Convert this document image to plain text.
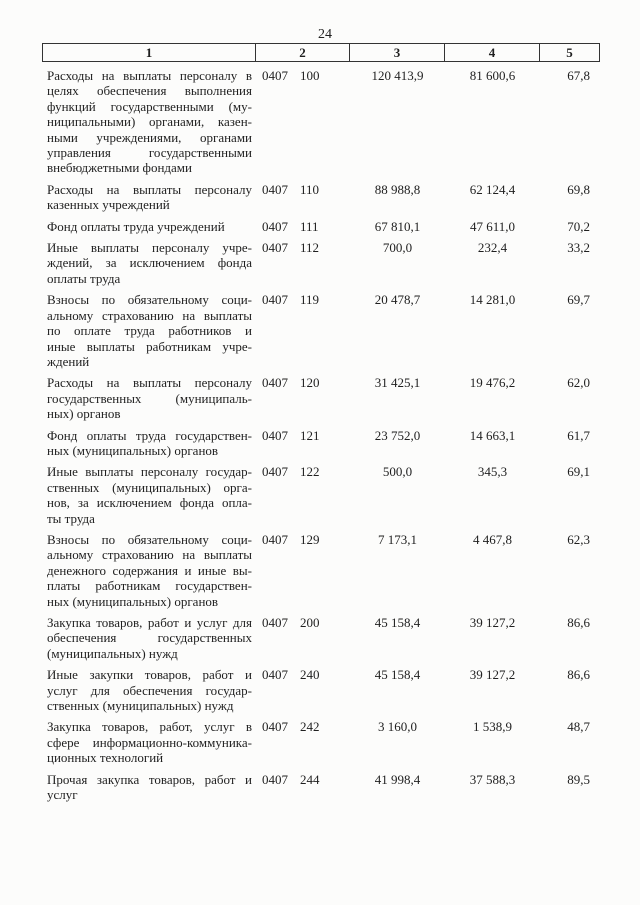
24
1	2	3	4	5
Расходы на выплаты персоналу в
целях обеспечения выполнения
функций государственными (му-
ниципальными) органами, казен-
ными учреждениями, органами
управления государственными
внебюджетными фондами
0407 100	120 413,9	81 600,6	67,8
Расходы на выплаты персоналу
казенных учреждений
0407 110	88 988,8	62 124,4	69,8
Фонд оплаты труда учреждений	0407 111	67 810,1	47 611,0	70,2
Иные выплаты персоналу учре-
ждений, за исключением фонда
оплаты труда
0407 112	700,0	232,4	33,2
Взносы по обязательному соци-
альному страхованию на выплаты
по оплате труда работников и
иные выплаты работникам учре-
ждений
0407 119	20 478,7	14 281,0	69,7
Расходы на выплаты персоналу
государственных (муниципаль-
ных) органов
0407 120	31 425,1	19 476,2	62,0
Фонд оплаты труда государствен-
ных (муниципальных) органов
0407 121	23 752,0	14 663,1	61,7
Иные выплаты персоналу государ-
ственных (муниципальных) орга-
нов, за исключением фонда опла-
ты труда
0407 122	500,0	345,3	69,1
Взносы по обязательному соци-
альному страхованию на выплаты
денежного содержания и иные вы-
платы работникам государствен-
ных (муниципальных) органов
0407 129	7 173,1	4 467,8	62,3
Закупка товаров, работ и услуг для
обеспечения государственных
(муниципальных) нужд
0407 200	45 158,4	39 127,2	86,6
Иные закупки товаров, работ и
услуг для обеспечения государ-
ственных (муниципальных) нужд
0407 240	45 158,4	39 127,2	86,6
Закупка товаров, работ, услуг в
сфере информационно-коммуника-
ционных технологий
0407 242	3 160,0	1 538,9	48,7
Прочая закупка товаров, работ и
услуг
0407 244	41 998,4	37 588,3	89,5
